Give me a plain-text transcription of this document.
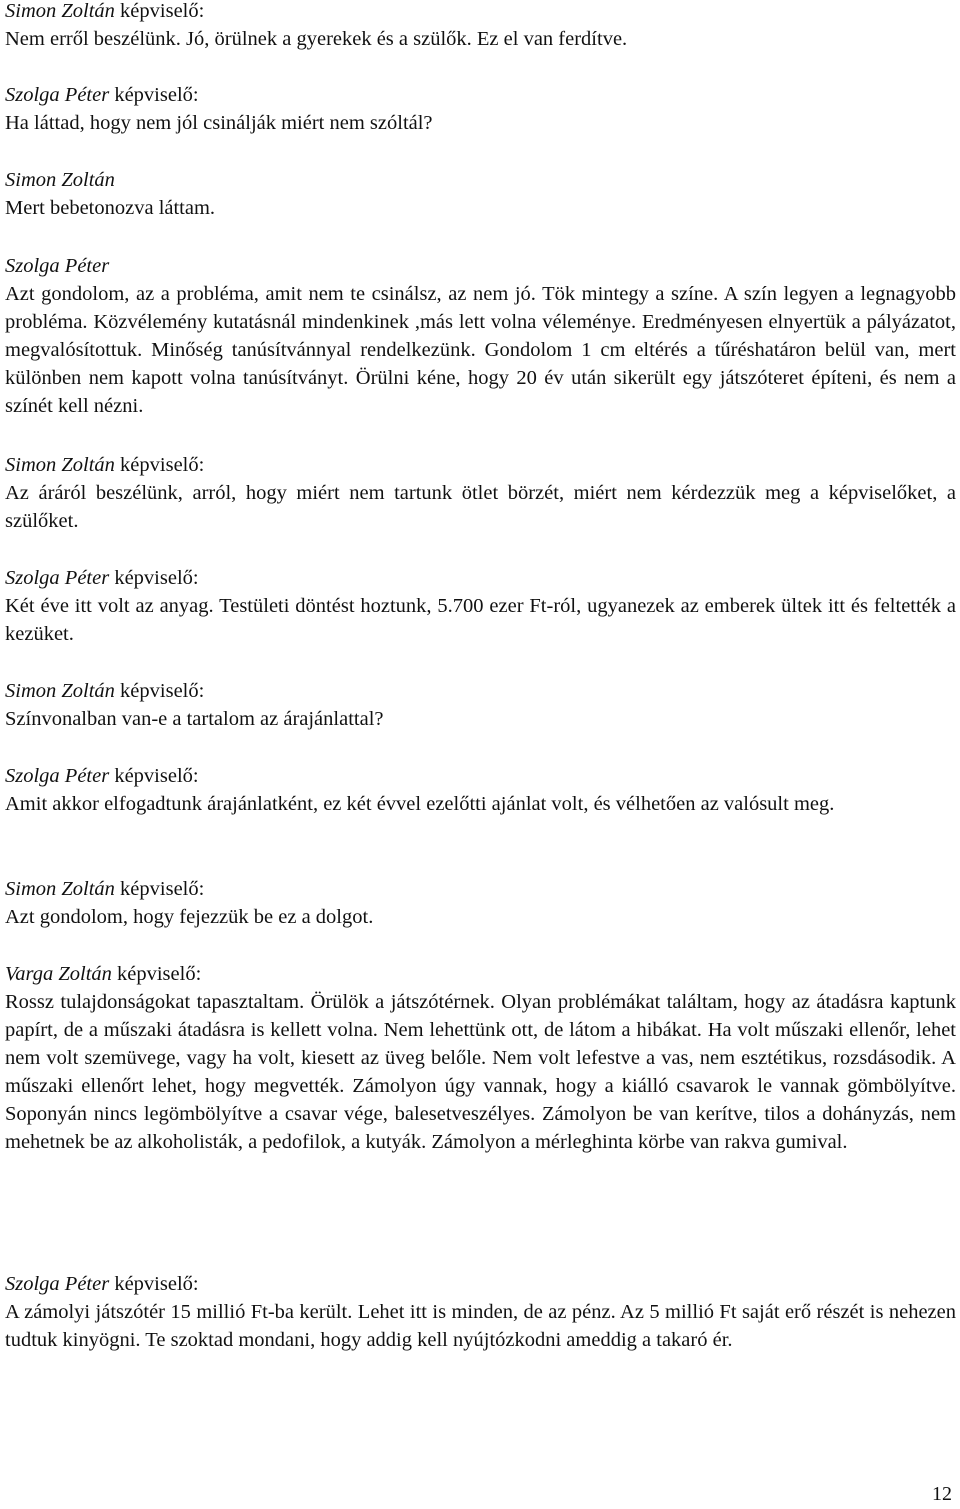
Simon Zoltán képviselő:
Nem erről beszélünk. Jó, örülnek a gyerekek és a szülők. Ez el van ferdítve.
Szolga Péter képviselő:
Ha láttad, hogy nem jól csinálják miért nem szóltál?
Simon Zoltán
Mert bebetonozva láttam.
Szolga Péter
Azt gondolom, az a probléma, amit nem te csinálsz, az nem jó. Tök mintegy a színe. A szín legyen a legnagyobb probléma. Közvélemény kutatásnál mindenkinek ,más lett volna véleménye. Eredményesen elnyertük a pályázatot, megvalósítottuk. Minőség tanúsítvánnyal rendelkezünk. Gondolom 1 cm eltérés a tűréshatáron belül van, mert különben nem kapott volna tanúsítványt. Örülni kéne, hogy 20 év után sikerült egy játszóteret építeni, és nem a színét kell nézni.
Simon Zoltán képviselő:
Az áráról beszélünk, arról, hogy miért nem tartunk ötlet börzét, miért nem kérdezzük meg a képviselőket, a szülőket.
Szolga Péter képviselő:
Két éve itt volt az anyag. Testületi döntést hoztunk, 5.700 ezer Ft-ról, ugyanezek az emberek ültek itt és feltették a kezüket.
Simon Zoltán képviselő:
Színvonalban van-e a tartalom az árajánlattal?
Szolga Péter képviselő:
Amit akkor elfogadtunk árajánlatként, ez két évvel ezelőtti ajánlat volt, és vélhetően az valósult meg.
Simon Zoltán képviselő:
Azt gondolom, hogy fejezzük be ez a dolgot.
Varga Zoltán képviselő:
Rossz tulajdonságokat tapasztaltam. Örülök a játszótérnek. Olyan problémákat találtam, hogy az átadásra kaptunk papírt, de a műszaki átadásra is kellett volna. Nem lehettünk ott, de látom a hibákat. Ha volt műszaki ellenőr, lehet nem volt szemüvege, vagy ha volt, kiesett az üveg belőle. Nem volt lefestve a vas, nem esztétikus, rozsdásodik. A műszaki ellenőrt lehet, hogy megvették. Zámolyon úgy vannak, hogy a kiálló csavarok le vannak gömbölyítve. Soponyán nincs legömbölyítve a csavar vége, balesetveszélyes. Zámolyon be van kerítve, tilos a dohányzás, nem mehetnek be az alkoholisták, a pedofilok, a kutyák. Zámolyon a mérleghinta körbe van rakva gumival.
Szolga Péter képviselő:
A zámolyi játszótér 15 millió Ft-ba került. Lehet itt is minden, de az pénz. Az 5 millió Ft saját erő részét is nehezen tudtuk kinyögni. Te szoktad mondani, hogy addig kell nyújtózkodni ameddig a takaró ér.
12
